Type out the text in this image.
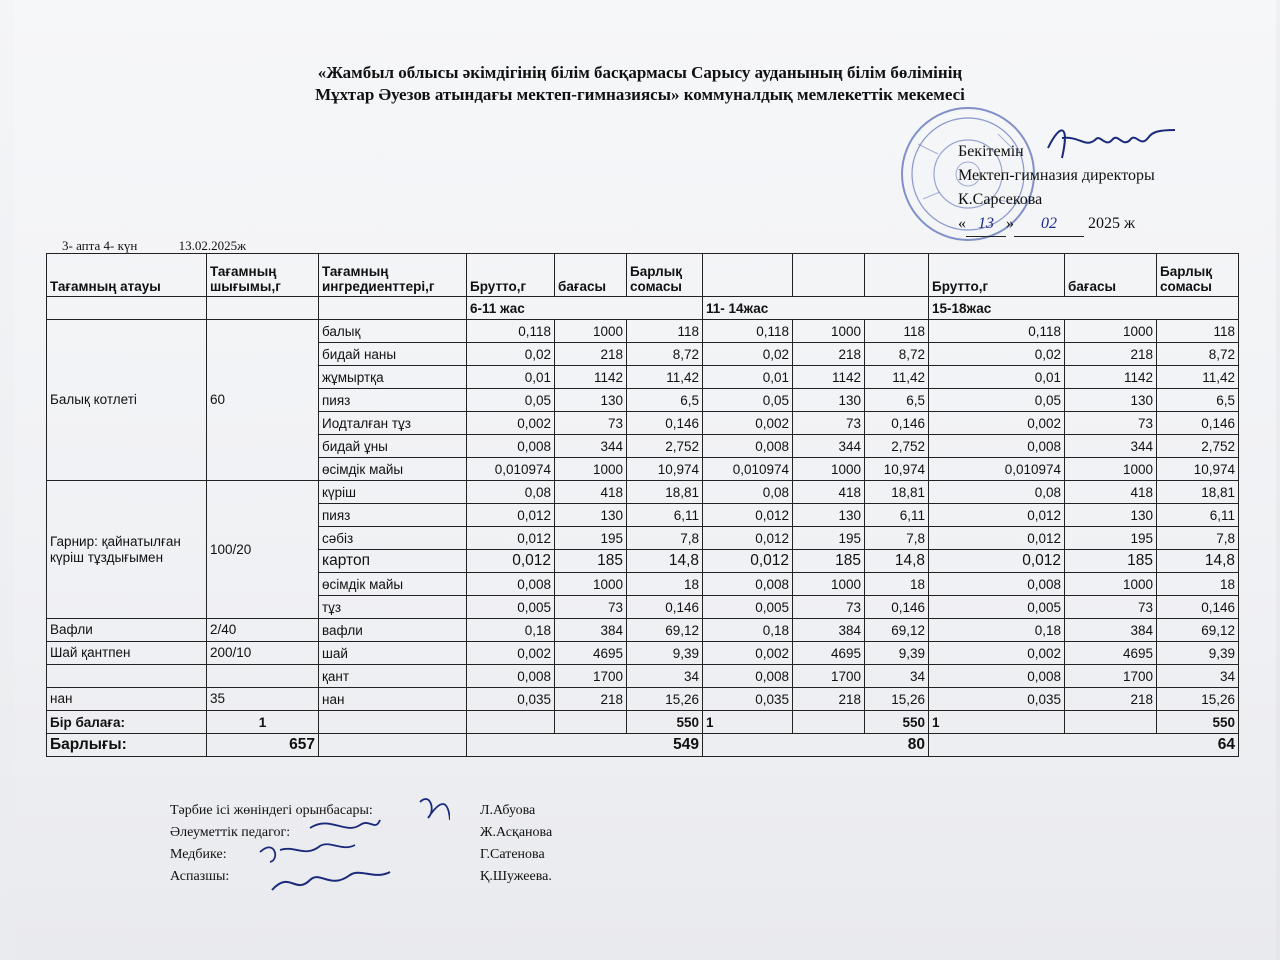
«Жамбыл облысы әкімдігінің білім басқармасы Сарысу ауданының білім бөлімінің
Мұхтар Әуезов атындағы мектеп-гимназиясы» коммуналдық мемлекеттік мекемесі
Бекітемін
Мектеп-гимназия директоры
К.Сарсекова
« 13 » 02 2025 ж
3- апта 4- күн	13.02.2025ж
Тағамның атауы	Тағамның шығымы,г	Тағамның ингредиенттері,г	Брутто,г	бағасы	Барлық сомасы				Брутто,г	бағасы	Барлық сомасы
			6-11 жас			11- 14жас			15-18жас		
Балық котлеті	60	балық	0,118	1000	118	0,118	1000	118	0,118	1000	118
		бидай наны	0,02	218	8,72	0,02	218	8,72	0,02	218	8,72
		жұмыртқа	0,01	1142	11,42	0,01	1142	11,42	0,01	1142	11,42
		пияз	0,05	130	6,5	0,05	130	6,5	0,05	130	6,5
		Иодталған тұз	0,002	73	0,146	0,002	73	0,146	0,002	73	0,146
		бидай ұны	0,008	344	2,752	0,008	344	2,752	0,008	344	2,752
		өсімдік майы	0,010974	1000	10,974	0,010974	1000	10,974	0,010974	1000	10,974
Гарнир: қайнатылған күріш тұздығымен	100/20	күріш	0,08	418	18,81	0,08	418	18,81	0,08	418	18,81
		пияз	0,012	130	6,11	0,012	130	6,11	0,012	130	6,11
		сәбіз	0,012	195	7,8	0,012	195	7,8	0,012	195	7,8
		картоп	0,012	185	14,8	0,012	185	14,8	0,012	185	14,8
		өсімдік майы	0,008	1000	18	0,008	1000	18	0,008	1000	18
		тұз	0,005	73	0,146	0,005	73	0,146	0,005	73	0,146
Вафли	2/40	вафли	0,18	384	69,12	0,18	384	69,12	0,18	384	69,12
Шай қантпен	200/10	шай	0,002	4695	9,39	0,002	4695	9,39	0,002	4695	9,39
		қант	0,008	1700	34	0,008	1700	34	0,008	1700	34
нан	35	нан	0,035	218	15,26	0,035	218	15,26	0,035	218	15,26
Бір балаға:	1				550	1		550	1		550
Барлығы:	657		549			80			64		
Тәрбие ісі жөніндегі орынбасары:	Л.Абуова
Әлеуметтік педагог:	Ж.Асқанова
Медбике:	Г.Сатенова
Аспазшы:	Қ.Шужеева.
